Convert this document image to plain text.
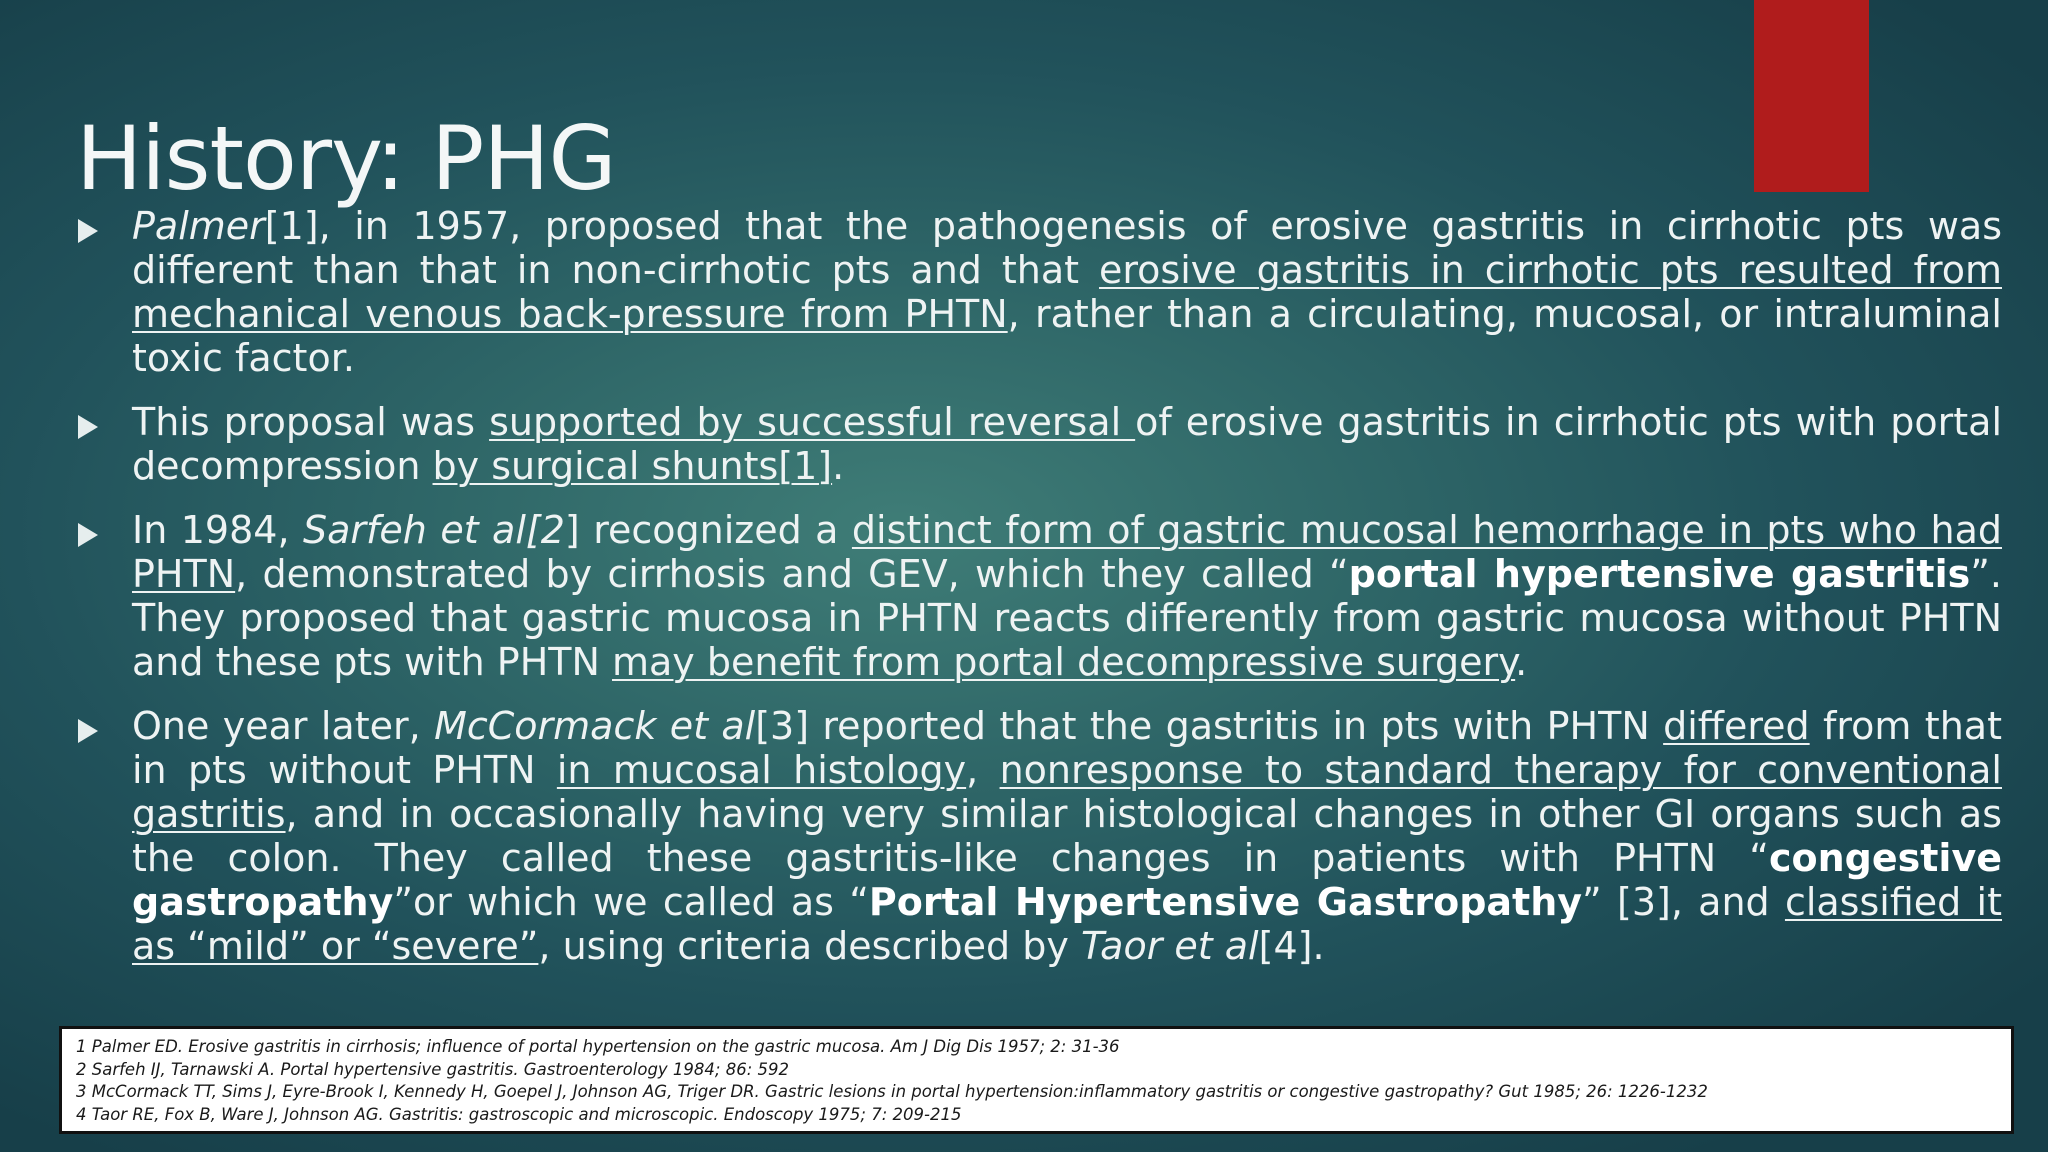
History: PHG
Palmer[1], in 1957, proposed that the pathogenesis of erosive gastritis in cirrhotic pts was different than that in non-cirrhotic pts and that erosive gastritis in cirrhotic pts resulted from mechanical venous back-pressure from PHTN, rather than a circulating, mucosal, or intraluminal toxic factor.
This proposal was supported by successful reversal of erosive gastritis in cirrhotic pts with portal decompression by surgical shunts[1].
In 1984, Sarfeh et al[2] recognized a distinct form of gastric mucosal hemorrhage in pts who had PHTN, demonstrated by cirrhosis and GEV, which they called “portal hypertensive gastritis”. They proposed that gastric mucosa in PHTN reacts differently from gastric mucosa without PHTN and these pts with PHTN may benefit from portal decompressive surgery.
One year later, McCormack et al[3] reported that the gastritis in pts with PHTN differed from that in pts without PHTN in mucosal histology, nonresponse to standard therapy for conventional gastritis, and in occasionally having very similar histological changes in other GI organs such as the colon. They called these gastritis-like changes in patients with PHTN “congestive gastropathy”or which we called as “Portal Hypertensive Gastropathy” [3], and classified it as “mild” or “severe”, using criteria described by Taor et al[4].
1 Palmer ED. Erosive gastritis in cirrhosis; influence of portal hypertension on the gastric mucosa. Am J Dig Dis 1957; 2: 31-36
2 Sarfeh IJ, Tarnawski A. Portal hypertensive gastritis. Gastroenterology 1984; 86: 592
3 McCormack TT, Sims J, Eyre-Brook I, Kennedy H, Goepel J, Johnson AG, Triger DR. Gastric lesions in portal hypertension:inflammatory gastritis or congestive gastropathy? Gut 1985; 26: 1226-1232
4 Taor RE, Fox B, Ware J, Johnson AG. Gastritis: gastroscopic and microscopic. Endoscopy 1975; 7: 209-215
